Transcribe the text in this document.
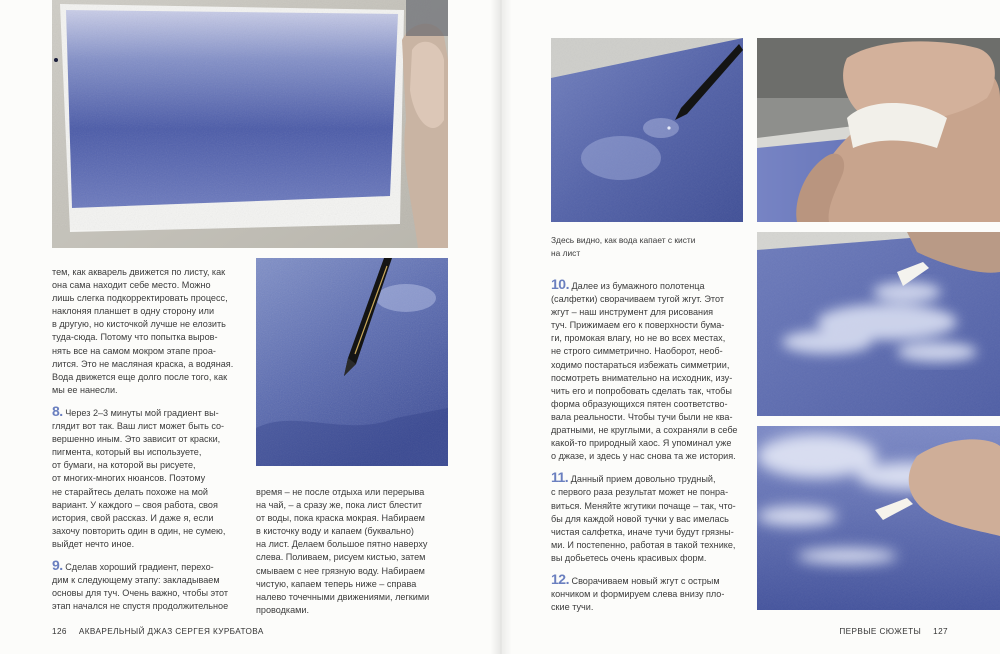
тем, как акварель движется по листу, как

она сама находит себе место. Можно

лишь слегка подкорректировать процесс,

наклоняя планшет в одну сторону или

в другую, но кисточкой лучше не елозить

туда-сюда. Потому что попытка выров-

нять все на самом мокром этапе проа-

лится. Это не масляная краска, а водяная.

Вода движется еще долго после того, как

мы ее нанесли.

8. Через 2–3 минуты мой градиент вы-

глядит вот так. Ваш лист может быть со-

вершенно иным. Это зависит от краски,

пигмента, который вы используете,

от бумаги, на которой вы рисуете,

от многих-многих нюансов. Поэтому

не старайтесь делать похоже на мой

вариант. У каждого – своя работа, своя

история, свой рассказ. И даже я, если

захочу повторить один в один, не сумею,

выйдет нечто иное.

9. Сделав хороший градиент, перехо-

дим к следующему этапу: закладываем

основы для туч. Очень важно, чтобы этот

этап начался не спустя продолжительное

время – не после отдыха или перерыва

на чай, – а сразу же, пока лист блестит

от воды, пока краска мокрая. Набираем

в кисточку воду и капаем (буквально)

на лист. Делаем большое пятно наверху

слева. Поливаем, рисуем кистью, затем

смываем с нее грязную воду. Набираем

чистую, капаем теперь ниже – справа

налево точечными движениями, легкими

проводками.

126 АКВАРЕЛЬНЫЙ ДЖАЗ СЕРГЕЯ КУРБАТОВА
Здесь видно, как вода капает с кисти
на лист

10. Далее из бумажного полотенца

(салфетки) сворачиваем тугой жгут. Этот

жгут – наш инструмент для рисования

туч. Прижимаем его к поверхности бума-

ги, промокая влагу, но не во всех местах,

не строго симметрично. Наоборот, необ-

ходимо постараться избежать симметрии,

посмотреть внимательно на исходник, изу-

чить его и попробовать сделать так, чтобы

форма образующихся пятен соответство-

вала реальности. Чтобы тучи были не ква-

дратными, не круглыми, а сохраняли в себе

какой-то природный хаос. Я упоминал уже

о джазе, и здесь у нас снова та же история.

11. Данный прием довольно трудный,

с первого раза результат может не понра-

виться. Меняйте жгутики почаще – так, что-

бы для каждой новой тучки у вас имелась

чистая салфетка, иначе тучи будут грязны-

ми. И постепенно, работая в такой технике,

вы добьетесь очень красивых форм.

12. Сворачиваем новый жгут с острым

кончиком и формируем слева внизу пло-

ские тучи.

ПЕРВЫЕ СЮЖЕТЫ 127
